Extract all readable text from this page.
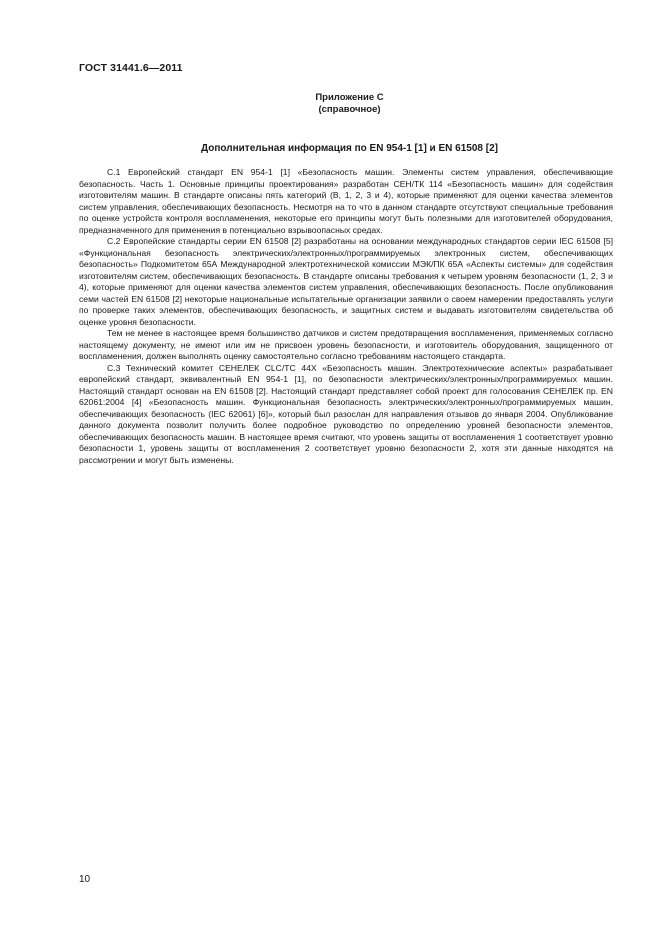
ГОСТ 31441.6—2011
Приложение С
(справочное)
Дополнительная информация по EN 954-1 [1] и EN 61508 [2]

С.1 Европейский стандарт EN 954-1 [1] «Безопасность машин. Элементы систем управления, обеспечивающие безопасность. Часть 1. Основные принципы проектирования» разработан СЕН/ТК 114 «Безопасность машин» для содействия изготовителям машин. В стандарте описаны пять категорий (В, 1, 2, 3 и 4), которые применяют для оценки качества элементов систем управления, обеспечивающих безопасность. Несмотря на то что в данном стандарте отсутствуют специальные требования по оценке устройств контроля воспламенения, некоторые его принципы могут быть полезными для изготовителей оборудования, предназначенного для применения в потенциально взрывоопасных средах.

С.2 Европейские стандарты серии EN 61508 [2] разработаны на основании международных стандартов серии IEC 61508 [5] «Функциональная безопасность электрических/электронных/программируемых электронных систем, обеспечивающих безопасность» Подкомитетом 65А Международной электротехнической комиссии МЭК/ПК 65А «Аспекты системы» для содействия изготовителям систем, обеспечивающих безопасность. В стандарте описаны требования к четырем уровням безопасности (1, 2, 3 и 4), которые применяют для оценки качества элементов систем управления, обеспечивающих безопасность. После опубликования семи частей EN 61508 [2] некоторые национальные испытательные организации заявили о своем намерении предоставлять услуги по проверке таких элементов, обеспечивающих безопасность, и защитных систем и выдавать изготовителям свидетельства об оценке уровня безопасности.

Тем не менее в настоящее время большинство датчиков и систем предотвращения воспламенения, применяемых согласно настоящему документу, не имеют или им не присвоен уровень безопасности, и изготовитель оборудования, защищенного от воспламенения, должен выполнять оценку самостоятельно согласно требованиям настоящего стандарта.

С.3 Технический комитет СЕНЕЛЕК CLC/TC 44X «Безопасность машин. Электротехнические аспекты» разрабатывает европейский стандарт, эквивалентный EN 954-1 [1], по безопасности электрических/электронных/программируемых машин. Настоящий стандарт основан на EN 61508 [2]. Настоящий стандарт представляет собой проект для голосования СЕНЕЛЕК пр. EN 62061:2004 [4] «Безопасность машин. Функциональная безопасность электрических/электронных/программируемых машин, обеспечивающих безопасность (IEC 62061) [6]», который был разослан для направления отзывов до января 2004. Опубликование данного документа позволит получить более подробное руководство по определению уровней безопасности элементов, обеспечивающих безопасность машин. В настоящее время считают, что уровень защиты от воспламенения 1 соответствует уровню безопасности 1, уровень защиты от воспламенения 2 соответствует уровню безопасности 2, хотя эти данные находятся на рассмотрении и могут быть изменены.

10
